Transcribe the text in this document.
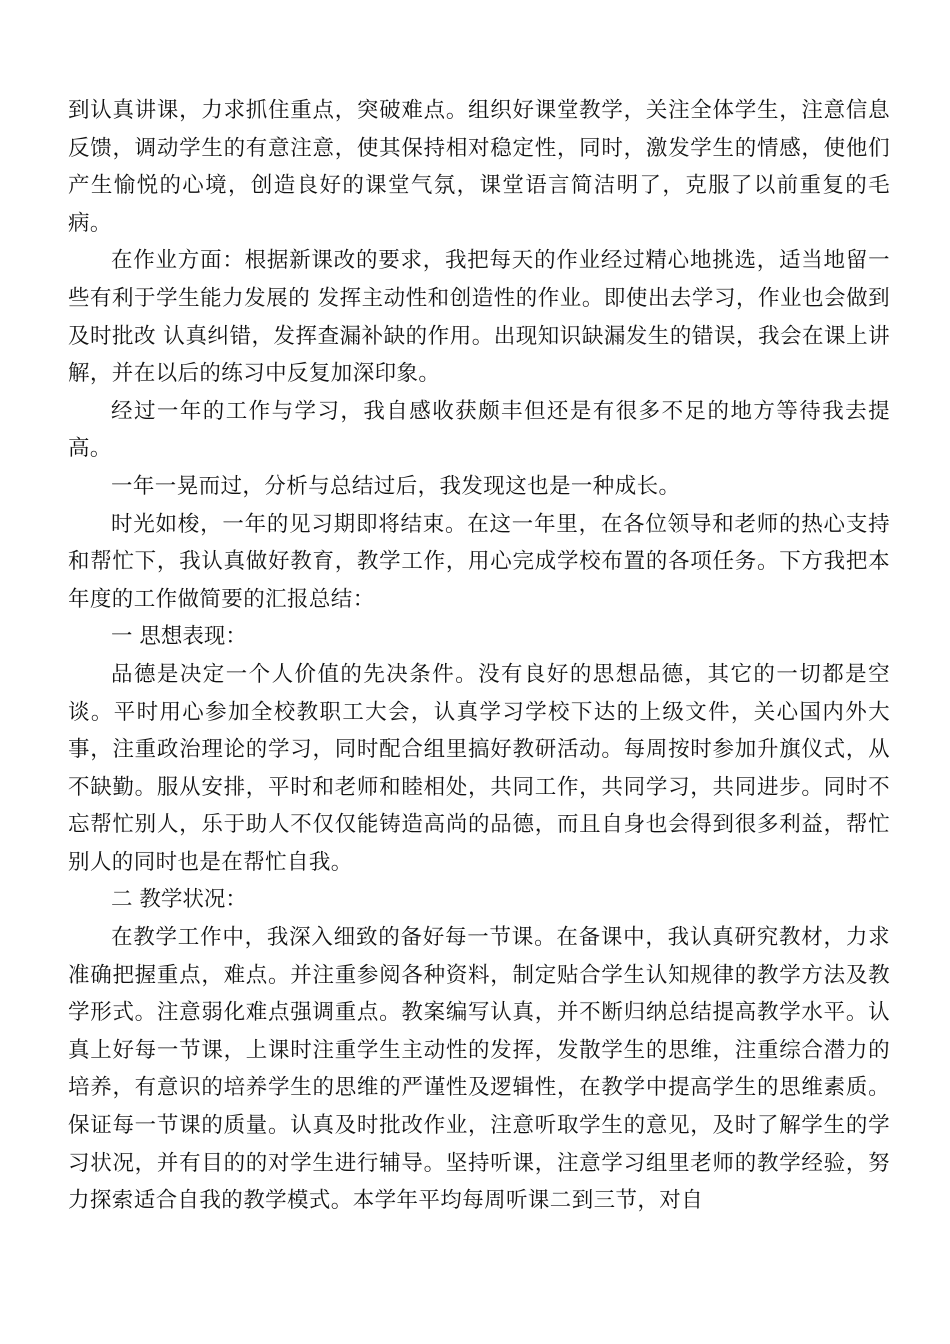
到认真讲课，力求抓住重点，突破难点。组织好课堂教学，关注全体学生，注意信息反馈，调动学生的有意注意，使其保持相对稳定性，同时，激发学生的情感，使他们产生愉悦的心境，创造良好的课堂气氛，课堂语言简洁明了，克服了以前重复的毛病。

在作业方面：根据新课改的要求，我把每天的作业经过精心地挑选，适当地留一些有利于学生能力发展的 发挥主动性和创造性的作业。即使出去学习，作业也会做到及时批改 认真纠错，发挥查漏补缺的作用。出现知识缺漏发生的错误，我会在课上讲解，并在以后的练习中反复加深印象。

经过一年的工作与学习，我自感收获颇丰但还是有很多不足的地方等待我去提高。

一年一晃而过，分析与总结过后，我发现这也是一种成长。

时光如梭，一年的见习期即将结束。在这一年里，在各位领导和老师的热心支持和帮忙下，我认真做好教育，教学工作，用心完成学校布置的各项任务。下方我把本年度的工作做简要的汇报总结：

一 思想表现：

品德是决定一个人价值的先决条件。没有良好的思想品德，其它的一切都是空谈。平时用心参加全校教职工大会，认真学习学校下达的上级文件，关心国内外大事，注重政治理论的学习，同时配合组里搞好教研活动。每周按时参加升旗仪式，从不缺勤。服从安排，平时和老师和睦相处，共同工作，共同学习，共同进步。同时不忘帮忙别人，乐于助人不仅仅能铸造高尚的品德，而且自身也会得到很多利益，帮忙别人的同时也是在帮忙自我。

二 教学状况：

在教学工作中，我深入细致的备好每一节课。在备课中，我认真研究教材，力求准确把握重点，难点。并注重参阅各种资料，制定贴合学生认知规律的教学方法及教学形式。注意弱化难点强调重点。教案编写认真，并不断归纳总结提高教学水平。认真上好每一节课，上课时注重学生主动性的发挥，发散学生的思维，注重综合潜力的培养，有意识的培养学生的思维的严谨性及逻辑性，在教学中提高学生的思维素质。保证每一节课的质量。认真及时批改作业，注意听取学生的意见，及时了解学生的学习状况，并有目的的对学生进行辅导。坚持听课，注意学习组里老师的教学经验，努力探索适合自我的教学模式。本学年平均每周听课二到三节，对自
